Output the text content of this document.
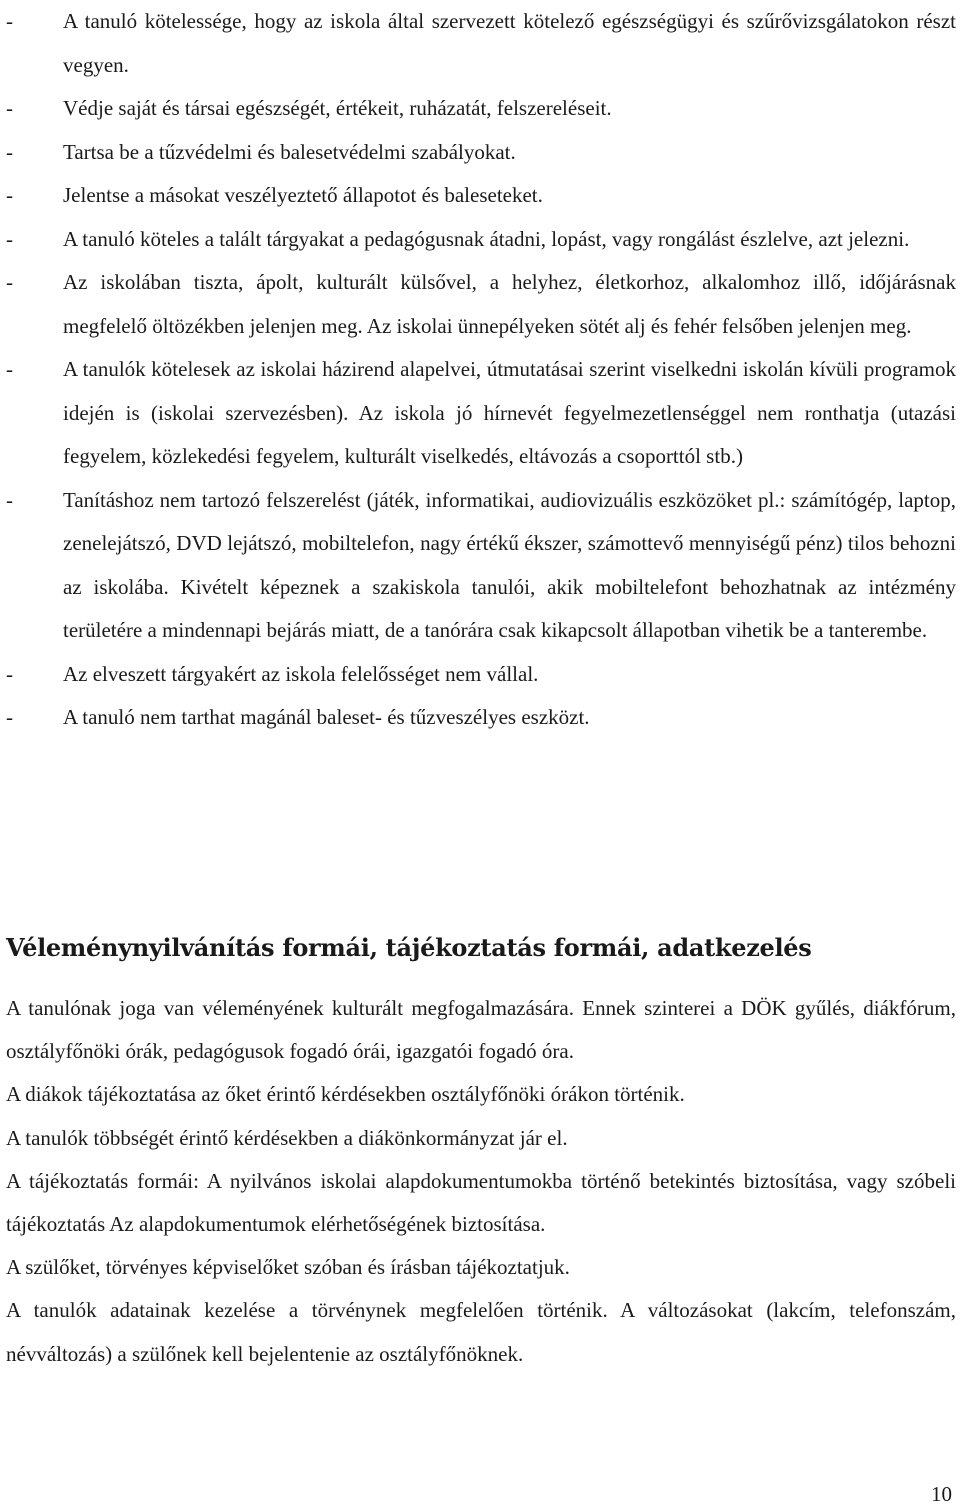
- A tanuló kötelessége, hogy az iskola által szervezett kötelező egészségügyi és szűrővizsgálatokon részt vegyen.
- Védje saját és társai egészségét, értékeit, ruházatát, felszereléseit.
- Tartsa be a tűzvédelmi és balesetvédelmi szabályokat.
- Jelentse a másokat veszélyeztető állapotot és baleseteket.
- A tanuló köteles a talált tárgyakat a pedagógusnak átadni, lopást, vagy rongálást észlelve, azt jelezni.
- Az iskolában tiszta, ápolt, kulturált külsővel, a helyhez, életkorhoz, alkalomhoz illő, időjárásnak megfelelő öltözékben jelenjen meg. Az iskolai ünnepélyeken sötét alj és fehér felsőben jelenjen meg.
- A tanulók kötelesek az iskolai házirend alapelvei, útmutatásai szerint viselkedni iskolán kívüli programok idején is (iskolai szervezésben). Az iskola jó hírnevét fegyelmezetlenséggel nem ronthatja (utazási fegyelem, közlekedési fegyelem, kulturált viselkedés, eltávozás a csoporttól stb.)
- Tanításhoz nem tartozó felszerelést (játék, informatikai, audiovizuális eszközöket pl.: számítógép, laptop, zenelejátszó, DVD lejátszó, mobiltelefon, nagy értékű ékszer, számottevő mennyiségű pénz) tilos behozni az iskolába. Kivételt képeznek a szakiskola tanulói, akik mobiltelefont behozhatnak az intézmény területére a mindennapi bejárás miatt, de a tanórára csak kikapcsolt állapotban vihetik be a tanterembe.
- Az elveszett tárgyakért az iskola felelősséget nem vállal.
- A tanuló nem tarthat magánál baleset- és tűzveszélyes eszközt.
Véleménynyilvánítás formái, tájékoztatás formái, adatkezelés

A tanulónak joga van véleményének kulturált megfogalmazására. Ennek szinterei a DÖK gyűlés, diákfórum, osztályfőnöki órák, pedagógusok fogadó órái, igazgatói fogadó óra.

A diákok tájékoztatása az őket érintő kérdésekben osztályfőnöki órákon történik.

A tanulók többségét érintő kérdésekben a diákönkormányzat jár el.

A tájékoztatás formái: A nyilvános iskolai alapdokumentumokba történő betekintés biztosítása, vagy szóbeli tájékoztatás Az alapdokumentumok elérhetőségének biztosítása.

A szülőket, törvényes képviselőket szóban és írásban tájékoztatjuk.

A tanulók adatainak kezelése a törvénynek megfelelően történik. A változásokat (lakcím, telefonszám, névváltozás) a szülőnek kell bejelentenie az osztályfőnöknek.

10
